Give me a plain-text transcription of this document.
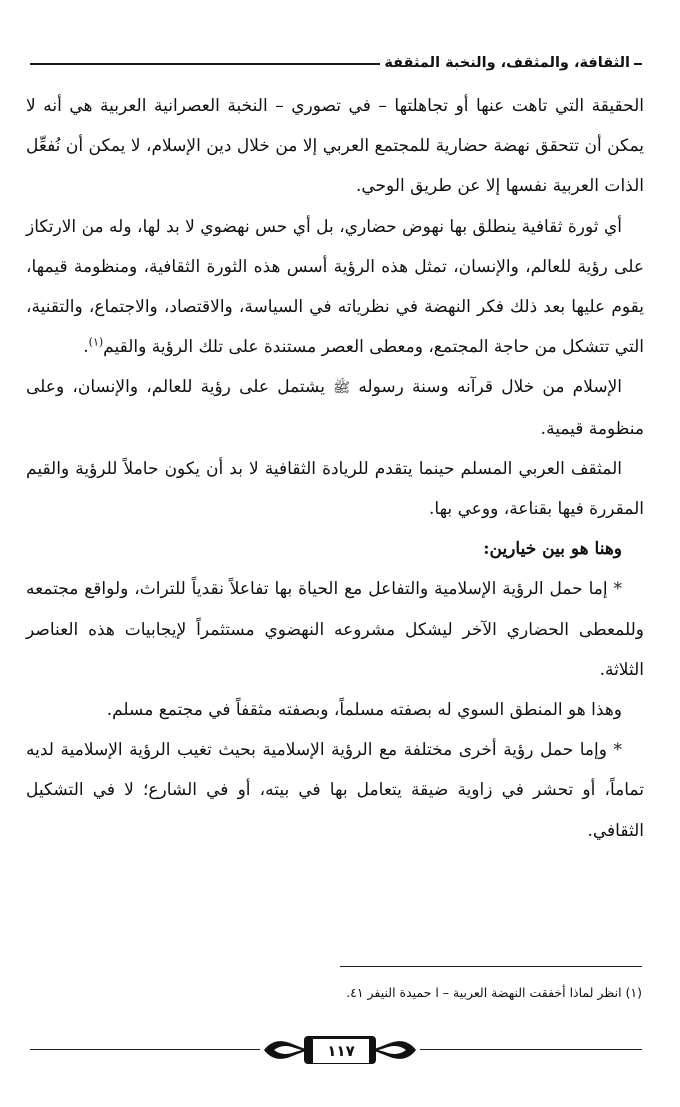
الثقافة، والمثقف، والنخبة المثقفة

الحقيقة التي تاهت عنها أو تجاهلتها – في تصوري – النخبة العصرانية العربية هي أنه لا يمكن أن تتحقق نهضة حضارية للمجتمع العربي إلا من خلال دين الإسلام، لا يمكن أن نُفعِّل الذات العربية نفسها إلا عن طريق الوحي.

أي ثورة ثقافية ينطلق بها نهوض حضاري، بل أي حس نهضوي لا بد لها، وله من الارتكاز على رؤية للعالم، والإنسان، تمثل هذه الرؤية أسس هذه الثورة الثقافية، ومنظومة قيمها، يقوم عليها بعد ذلك فكر النهضة في نظرياته في السياسة، والاقتصاد، والاجتماع، والتقنية، التي تتشكل من حاجة المجتمع، ومعطى العصر مستندة على تلك الرؤية والقيم$^{(١)}$.

الإسلام من خلال قرآنه وسنة رسوله ﷺ يشتمل على رؤية للعالم، والإنسان، وعلى منظومة قيمية.

المثقف العربي المسلم حينما يتقدم للريادة الثقافية لا بد أن يكون حاملاً للرؤية والقيم المقررة فيها بقناعة، ووعي بها.

وهنا هو بين خيارين:

* إما حمل الرؤية الإسلامية والتفاعل مع الحياة بها تفاعلاً نقدياً للتراث، ولواقع مجتمعه وللمعطى الحضاري الآخر ليشكل مشروعه النهضوي مستثمراً لإيجابيات هذه العناصر الثلاثة.

وهذا هو المنطق السوي له بصفته مسلماً، وبصفته مثقفاً في مجتمع مسلم.

* وإما حمل رؤية أخرى مختلفة مع الرؤية الإسلامية بحيث تغيب الرؤية الإسلامية لديه تماماً، أو تحشر في زاوية ضيقة يتعامل بها في بيته، أو في الشارع؛ لا في التشكيل الثقافي.

(١) انظر لماذا أخفقت النهضة العربية – ا حميدة النيفر ٤١.
١١٧
